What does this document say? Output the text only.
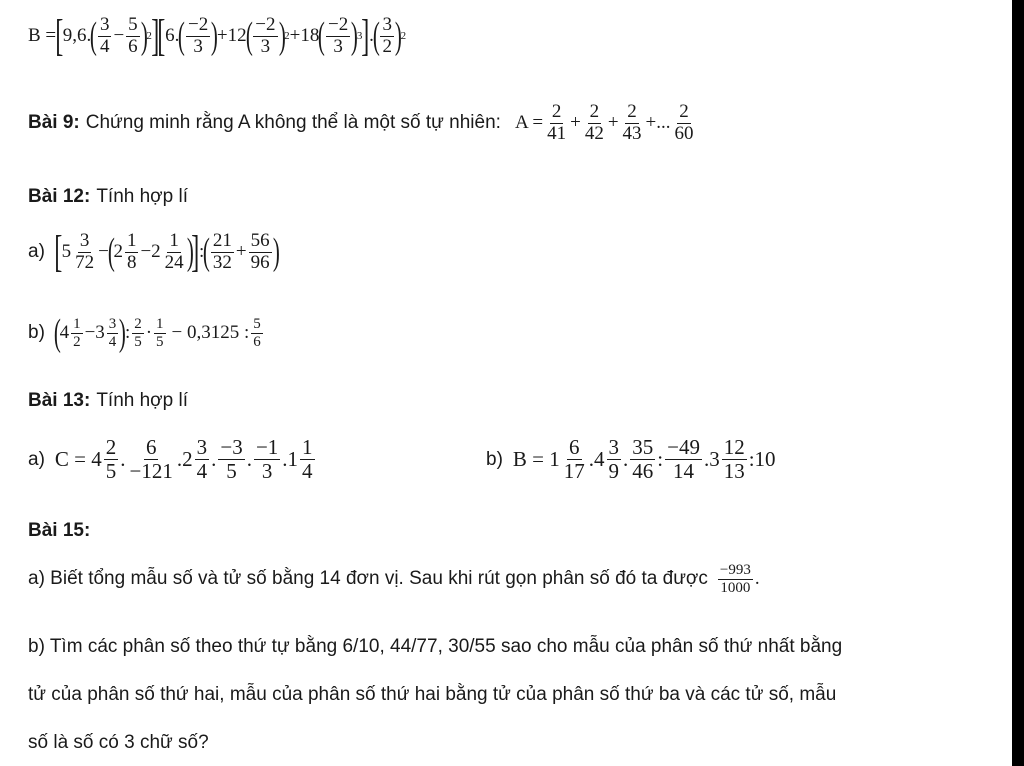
B = [ 9,6.
( $\frac{3}{4} - \frac{5}{6}$ )
2 ]
[ 6.
( $\frac{-2}{3}$ )
+12
( $\frac{-2}{3}$ )
2 +18
( $\frac{-2}{3}$ )
3 ] .
( $\frac{3}{2}$ )
2
Bài 9: Chứng minh rằng A không thể là một số tự nhiên: $A = \frac{2}{41} + \frac{2}{42} + \frac{2}{43}$ +... $\frac{2}{60}$
Bài 12: Tính hợp lí
a) [ $5 \frac{3}{72}$ −
(
$2 \frac{1}{8} -2 \frac{1}{24}$ )
] :
( $\frac{21}{32} + \frac{56}{96}$ )
b) (
$4 \frac{1}{2} -3 \frac{3}{4}$ )
: $\frac{2}{5} \cdot \frac{1}{5} - 0,3125$ : $\frac{5}{6}$
Bài 13: Tính hợp lí
a) $C = 4 \frac{2}{5}$ . $\frac{6}{-121}$ . $2 \frac{3}{4}$ . $\frac{-3}{5}$ . $\frac{-1}{3}$ . $1 \frac{1}{4}$	b) $B = 1 \frac{6}{17}$ . $4 \frac{3}{9}$ . $\frac{35}{46}$ : $\frac{-49}{14}$ . $3 \frac{12}{13}$ :10
Bài 15:
a) Biết tổng mẫu số và tử số bằng 14 đơn vị. Sau khi rút gọn phân số đó ta được $\frac{-993}{1000}$ .
b) Tìm các phân số theo thứ tự bằng 6/10, 44/77, 30/55 sao cho mẫu của phân số thứ nhất bằng
tử của phân số thứ hai, mẫu của phân số thứ hai bằng tử của phân số thứ ba và các tử số, mẫu
số là số có 3 chữ số?
